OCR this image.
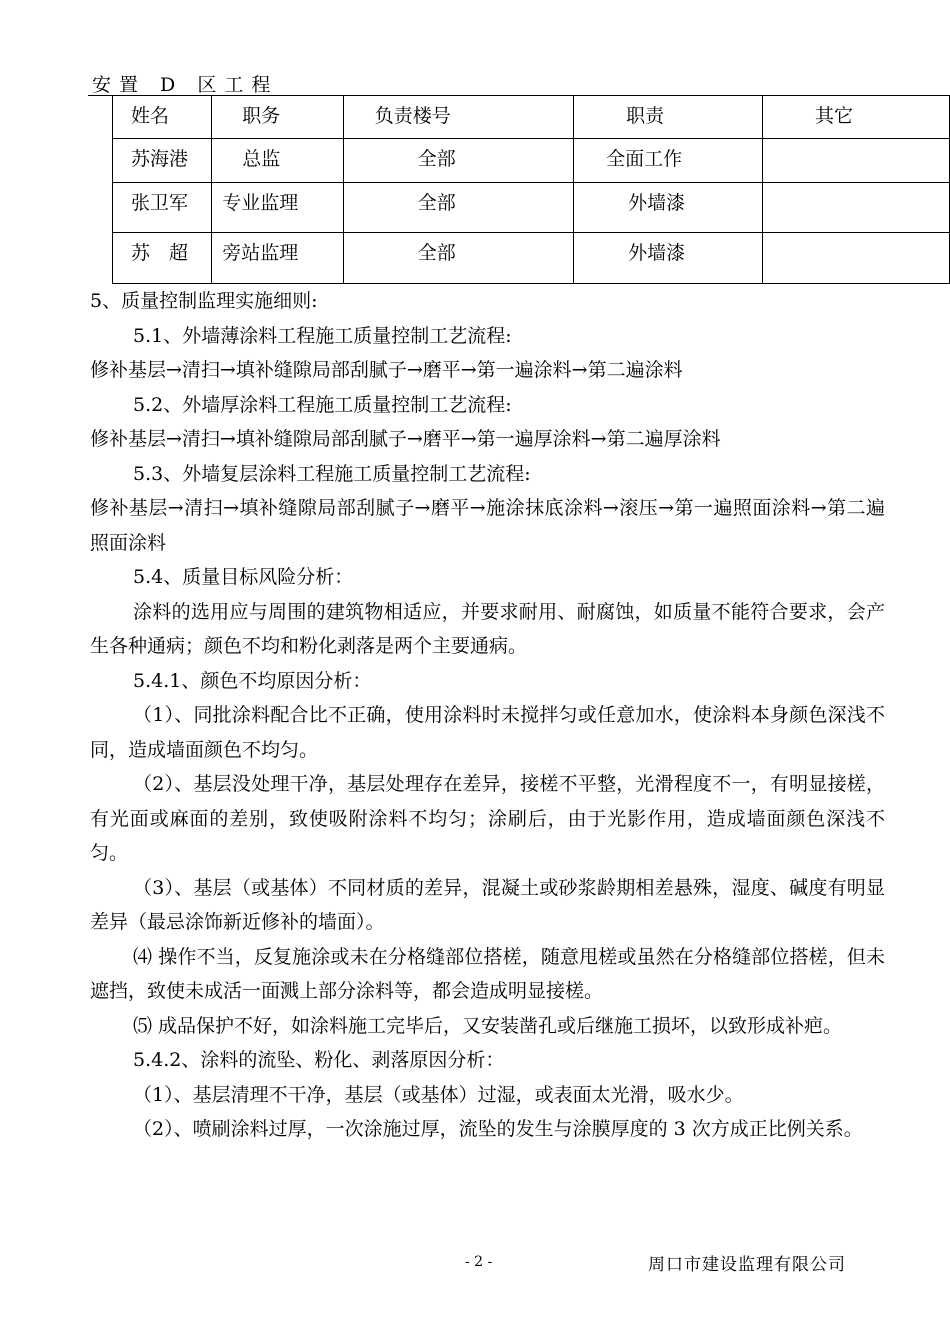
安置 D 区工程
姓名	职务	负责楼号	职责	其它

苏海港	总监	全部	全面工作	

张卫军	专业监理	全部	外墙漆	

苏　超	旁站监理	全部	外墙漆	

5、质量控制监理实施细则:

5.1、外墙薄涂料工程施工质量控制工艺流程:

修补基层→清扫→填补缝隙局部刮腻子→磨平→第一遍涂料→第二遍涂料

5.2、外墙厚涂料工程施工质量控制工艺流程:

修补基层→清扫→填补缝隙局部刮腻子→磨平→第一遍厚涂料→第二遍厚涂料

5.3、外墙复层涂料工程施工质量控制工艺流程:

修补基层→清扫→填补缝隙局部刮腻子→磨平→施涂抹底涂料→滚压→第一遍照面涂料→第二遍照面涂料

5.4、质量目标风险分析：

涂料的选用应与周围的建筑物相适应，并要求耐用、耐腐蚀，如质量不能符合要求，会产生各种通病；颜色不均和粉化剥落是两个主要通病。

5.4.1、颜色不均原因分析：

（1）、同批涂料配合比不正确，使用涂料时未搅拌匀或任意加水，使涂料本身颜色深浅不同，造成墙面颜色不均匀。

（2）、基层没处理干净，基层处理存在差异，接槎不平整，光滑程度不一，有明显接槎，有光面或麻面的差别，致使吸附涂料不均匀；涂刷后，由于光影作用，造成墙面颜色深浅不匀。

（3）、基层（或基体）不同材质的差异，混凝土或砂浆龄期相差悬殊，湿度、碱度有明显差异（最忌涂饰新近修补的墙面）。

⑷ 操作不当，反复施涂或未在分格缝部位搭槎，随意甩槎或虽然在分格缝部位搭槎，但未遮挡，致使未成活一面溅上部分涂料等，都会造成明显接槎。

⑸ 成品保护不好，如涂料施工完毕后，又安装凿孔或后继施工损坏，以致形成补疤。

5.4.2、涂料的流坠、粉化、剥落原因分析：

（1）、基层清理不干净，基层（或基体）过湿，或表面太光滑，吸水少。

（2）、喷刷涂料过厚，一次涂施过厚，流坠的发生与涂膜厚度的 3 次方成正比例关系。

- 2 -	周口市建设监理有限公司
